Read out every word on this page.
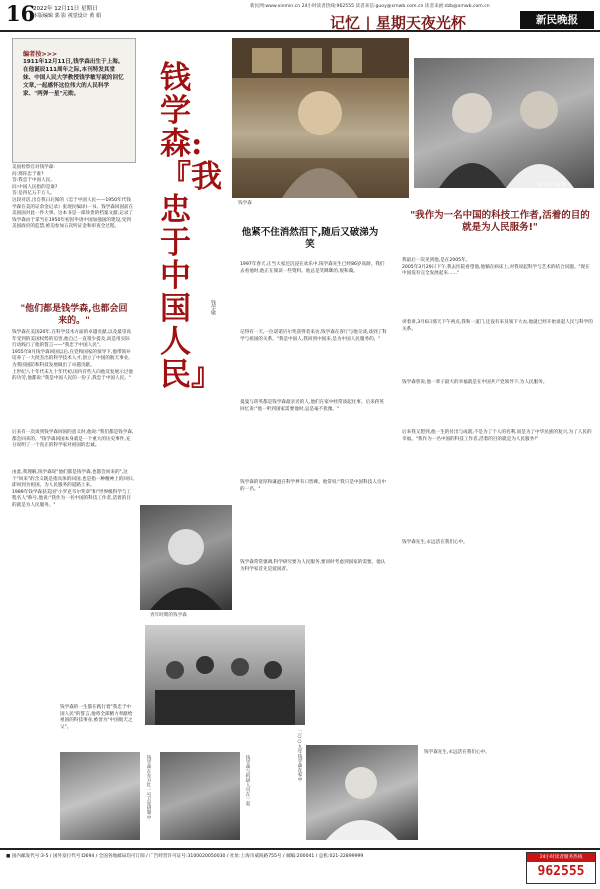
16
2022年 12月11日 星期日
本版编辑 郭 影 视觉设计 黄 娟
新民网:www.xinmin.cn 24小时读者热线:962555 读者来信:guoy@xmwb.com.cn 读者来函:dzb@xmwb.com.cn
记忆 | 星期天夜光杯	新民晚报
编者按>>>
1911年12月11日,钱学森出生于上海。在他诞辰111周年之际,本刊特发其堂妹、中国人民大学教授钱学敏写就的回忆文章,一起感怀这位伟大的人民科学家、"两弹一星"元勋。	钱学森:『我忠于中国人民』
钱学敏
钱学森
钱学森与蒋英
美国检察官对钱学森:
问:那你忠于谁?
答:我忠于中国人民。
问:中国人民指的是谁?
答:是四亿五千万人。
这段对话,出自我日后阅的《忠于中国人民——1950年代钱学森在美的证余金记录》张现民编译)一书。钱学森回国前在美国面对此一件大事。这本书是一部珍贵的档案文献,记录了钱学森由于拿当在1950年初因申请中国加强国的建设,受到美国政府的监禁,被迫参加五次听证金和审查全过程。
"他们都是钱学森,也都会回来的。"
钱学森在美国20年,在科学技术方面的卓越贡献,以及最崇高年受到的美国权势的迫害,他自己一直很少提及,而是用实际行动践行了他的誓言——"我忠于中国人民"。
1955年8月钱学森回国以后,在党和国家的领导下,他带领并培养了一大批杰出的科学技术人才,创立了中国的航天事业,为我国国防和科技发展做出了卓越贡献。
上世纪八十年代末九十年代初,国内有些人向他反复展示过他的功劳,他都说:"我是中国人民的一份子,我忠于中国人民。"
后来有一次谈到钱学森回国的意义时,他说:"我们都是钱学森,都会回来的。"钱学森回国本身就是一个重大的历史事件,充分说明了一个真正的科学家对祖国的忠诚。
由此,我理解,钱学森说"他们都是钱学森,也都会回来的",这个"回来"的含义既是指具体的回国,也是指一种精神上的回归,即回到为祖国、为人民服务的道路上来。
1989年钱学森获美国"小罗克韦尔奖章"和"世界级科学与工程名人"称号,他说:"我作为一名中国的科技工作者,活着的目的就是为人民服务。"
钱学森的一生都在践行着"我忠于中国人民"的誓言,他将全部精力奉献给祖国的科技事业,被誉为"中国航天之父"。
青年时期的钱学森
他紧不住消然泪下,随后又破涕为笑
1997年春天,正当大家还沉浸在欢乐中,钱学森先生已经86岁高龄。我们去看他时,他正在阅读一些资料。他总是笑眯眯的,很和蔼。
记得有一天,一位诺诺贝尔奖获得者来访,钱学森在客厅与他交谈,谈到了科学与祖国的关系。"我是中国人,我回到中国来,是为中国人民服务的。"
曼曼与蒋英都是钱学森最亲近的人,他们在家中经常谈起往事。后来蒋英回忆说:"他一听到国家需要他时,总是毫不犹豫。"
钱学森的宽厚和谦逊在科学界有口皆碑。他常说:"我只是中国科技人员中的一名。"
钱学森常常强调,科学研究要为人民服务,要同时考虑到国家的需要。他认为科学家首先是爱国者。
钱学森在东方红一号卫星研制中	钱学森与科研人员在一起	二○○九年钱学森在家中
"我作为一名中国的科技工作者,活着的目的就是为人民服务!"
我最后一次见到他,是在2005年。
2005年3月29日下午,我去医院看望他,他躺在病床上,对我说起科学与艺术的结合问题。"现在中国没有完全发展起来……"
讲着讲,3月6日那天下午两点,我和一道门,还没有来及领下大衣,他就已经开始谈起人民与科学的关系。
钱学森曾说,他一辈子最大的幸福就是在中国共产党领导下,为人民服务。
后来我又想到,他一生的付出与成就,不是为了个人的名利,而是为了中华民族的复兴,为了人民的幸福。"我作为一名中国的科技工作者,活着的目的就是为人民服务!"
钱学森先生,永远活在我们心中。
钱学森先生,永远活在我们心中。
■ 国内邮发代号:3-5 / 国外发行代号:D694 / 全国各地邮局均可订阅 / 广告经营许可证号:3100020050030 / 社址:上海市威海路755号 / 邮编:200041 / 总机:021-22899999	24小时读者服务热线
962555
